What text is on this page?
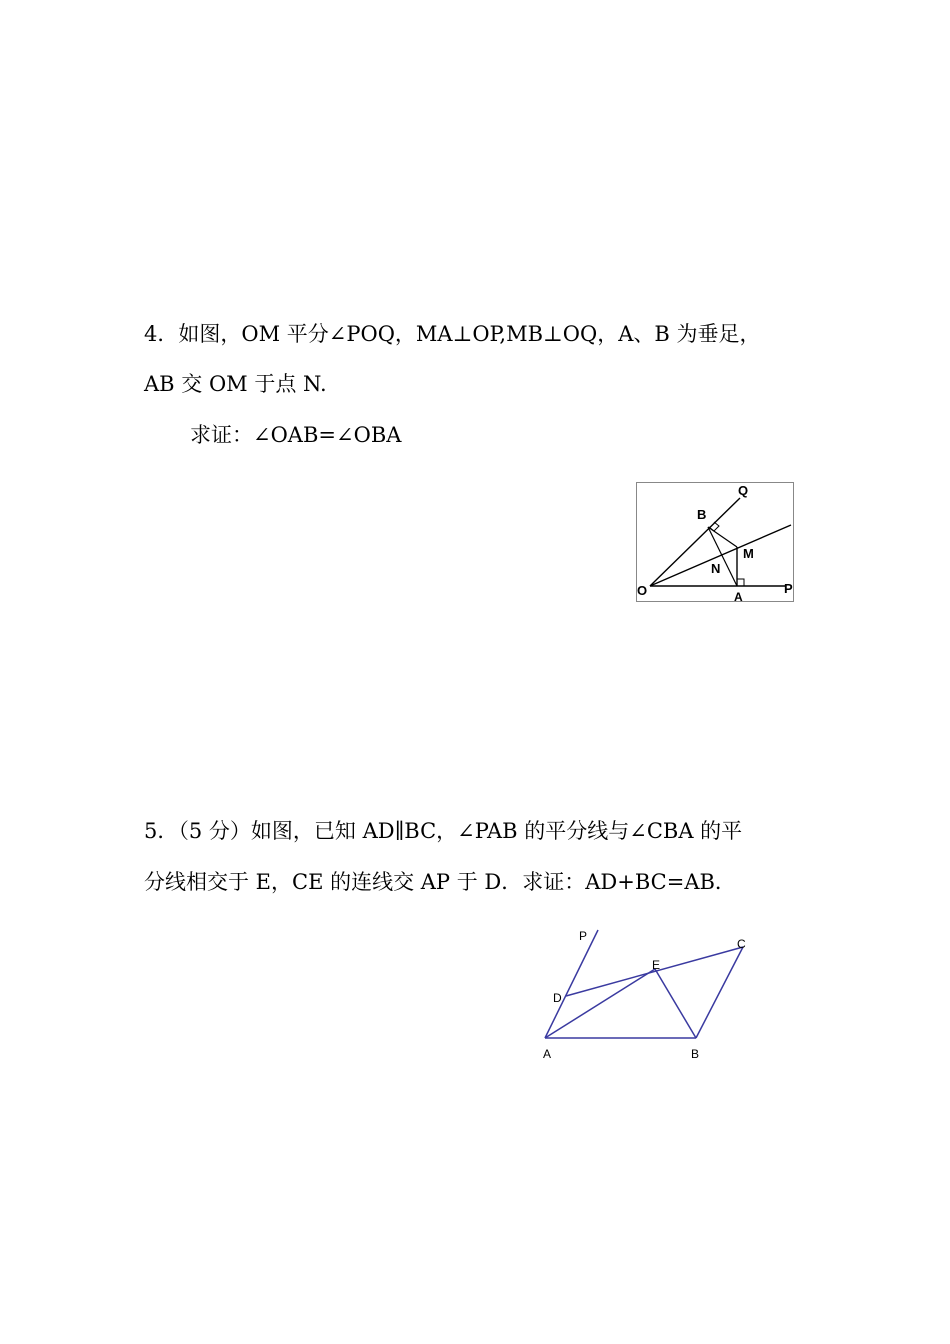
4．如图，OM 平分∠POQ，MA⊥OP,MB⊥OQ，A、B 为垂足，
AB 交 OM 于点 N.
求证：∠OAB=∠OBA
O	A
B
M
N
P
Q
5．（5 分）如图，已知 AD∥BC，∠PAB 的平分线与∠CBA 的平
分线相交于 E，CE 的连线交 AP 于 D．求证：AD+BC=AB．
P
C
E
D
A	B
